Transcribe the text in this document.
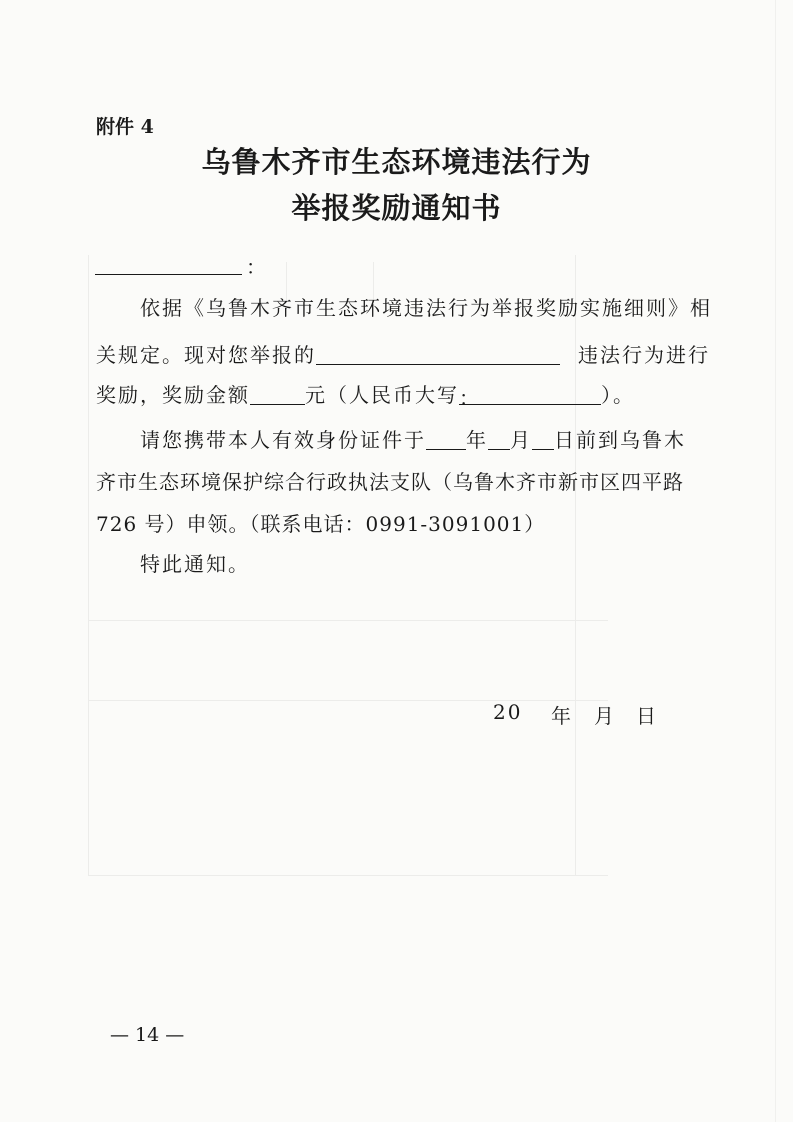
附件 4
乌鲁木齐市生态环境违法行为
举报奖励通知书
：
依据《乌鲁木齐市生态环境违法行为举报奖励实施细则》相
关规定。现对您举报的	违法行为进行
奖励，奖励金额	元（人民币大写：	）。
请您携带本人有效身份证件于 年 月 日前到乌鲁木
齐市生态环境保护综合行政执法支队（乌鲁木齐市新市区四平路
726 号）申领。（联系电话：0991-3091001）
特此通知。
20 年 月 日
— 14 —
